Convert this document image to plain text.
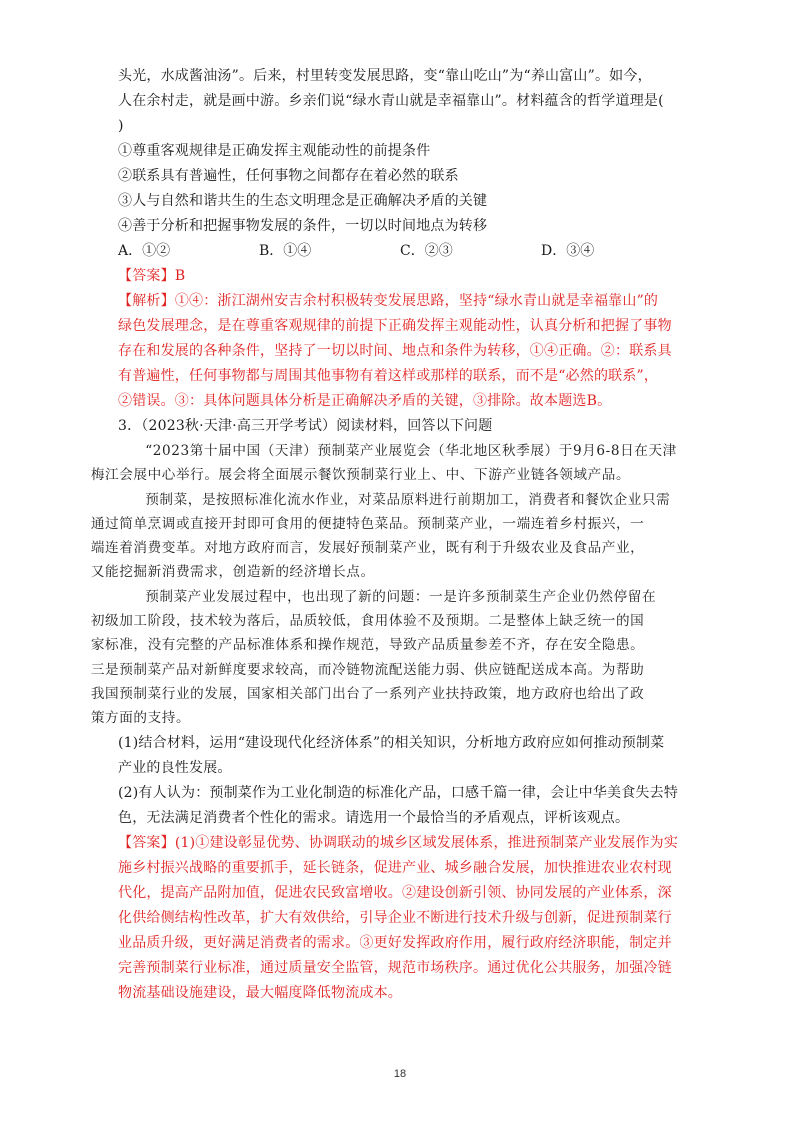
头光，水成酱油汤”。后来，村里转变发展思路，变“靠山吃山”为“养山富山”。如今，
人在余村走，就是画中游。乡亲们说“绿水青山就是幸福靠山”。材料蕴含的哲学道理是(
)
①尊重客观规律是正确发挥主观能动性的前提条件
②联系具有普遍性，任何事物之间都存在着必然的联系
③人与自然和谐共生的生态文明理念是正确解决矛盾的关键
④善于分析和把握事物发展的条件，一切以时间地点为转移
A．①②	B．①④	C．②③	D．③④
【答案】B
【解析】①④：浙江湖州安吉余村积极转变发展思路，坚持“绿水青山就是幸福靠山”的
绿色发展理念，是在尊重客观规律的前提下正确发挥主观能动性，认真分析和把握了事物
存在和发展的各种条件，坚持了一切以时间、地点和条件为转移，①④正确。②：联系具
有普遍性，任何事物都与周围其他事物有着这样或那样的联系，而不是“必然的联系”，
②错误。③：具体问题具体分析是正确解决矛盾的关键，③排除。故本题选B。
3．（2023秋·天津·高三开学考试）阅读材料，回答以下问题

“2023第十届中国（天津）预制菜产业展览会（华北地区秋季展）于9月6-8日在天津
梅江会展中心举行。展会将全面展示餐饮预制菜行业上、中、下游产业链各领域产品。

预制菜，是按照标准化流水作业，对菜品原料进行前期加工，消费者和餐饮企业只需
通过简单烹调或直接开封即可食用的便捷特色菜品。预制菜产业，一端连着乡村振兴，一
端连着消费变革。对地方政府而言，发展好预制菜产业，既有利于升级农业及食品产业，
又能挖掘新消费需求，创造新的经济增长点。

预制菜产业发展过程中，也出现了新的问题：一是许多预制菜生产企业仍然停留在
初级加工阶段，技术较为落后，品质较低，食用体验不及预期。二是整体上缺乏统一的国
家标准，没有完整的产品标准体系和操作规范，导致产品质量参差不齐，存在安全隐患。
三是预制菜产品对新鲜度要求较高，而冷链物流配送能力弱、供应链配送成本高。为帮助
我国预制菜行业的发展，国家相关部门出台了一系列产业扶持政策，地方政府也给出了政
策方面的支持。

(1)结合材料，运用“建设现代化经济体系”的相关知识，分析地方政府应如何推动预制菜
产业的良性发展。
(2)有人认为：预制菜作为工业化制造的标准化产品，口感千篇一律，会让中华美食失去特
色，无法满足消费者个性化的需求。请选用一个最恰当的矛盾观点，评析该观点。
【答案】(1)①建设彰显优势、协调联动的城乡区域发展体系，推进预制菜产业发展作为实
施乡村振兴战略的重要抓手，延长链条，促进产业、城乡融合发展，加快推进农业农村现
代化，提高产品附加值，促进农民致富增收。②建设创新引领、协同发展的产业体系，深
化供给侧结构性改革，扩大有效供给，引导企业不断进行技术升级与创新，促进预制菜行
业品质升级，更好满足消费者的需求。③更好发挥政府作用，履行政府经济职能，制定并
完善预制菜行业标准，通过质量安全监管，规范市场秩序。通过优化公共服务，加强冷链
物流基础设施建设，最大幅度降低物流成本。
18
